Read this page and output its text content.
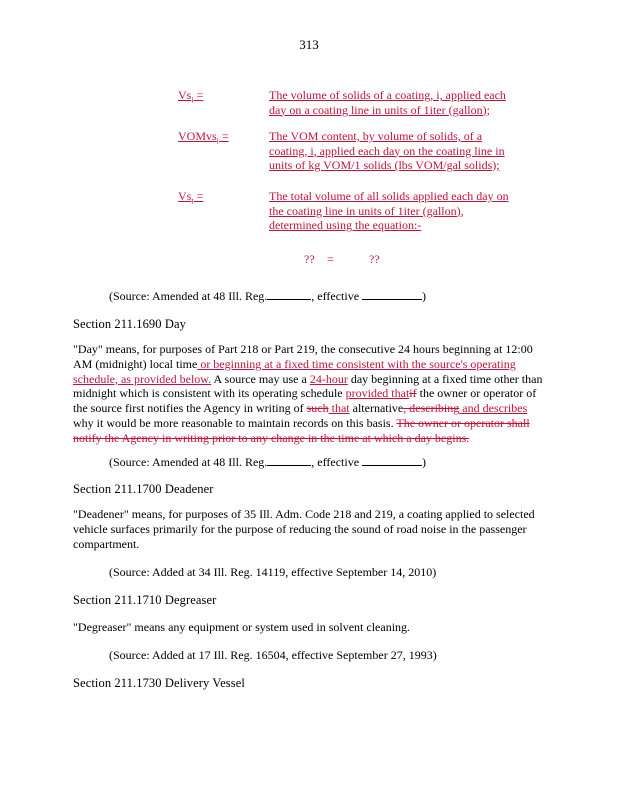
313
$Vs_i$ =	The volume of solids of a coating, i, applied each
day on a coating line in units of 1iter (gallon);
VOMvs$_i$ =	The VOM content, by volume of solids, of a
coating, i, applied each day on the coating line in
units of kg VOM/1 solids (lbs VOM/gal solids);
$Vs_t$ =	The total volume of all solids applied each day on
the coating line in units of 1iter (gallon),
determined using the equation:-
?? =	??
(Source: Amended at 48 Ill. Reg.	, effective	)
Section 211.1690 Day
"Day" means, for purposes of Part 218 or Part 219, the consecutive 24 hours beginning at 12:00 AM (midnight) local time or beginning at a fixed time consistent with the source's operating schedule, as provided below. A source may use a 24-hour day beginning at a fixed time other than midnight which is consistent with its operating schedule provided thatif the owner or operator of the source first notifies the Agency in writing of such that alternative, describing and describes why it would be more reasonable to maintain records on this basis. The owner or operator shall notify the Agency in writing prior to any change in the time at which a day begins.
(Source: Amended at 48 Ill. Reg.	, effective	)
Section 211.1700 Deadener
"Deadener" means, for purposes of 35 Ill. Adm. Code 218 and 219, a coating applied to selected vehicle surfaces primarily for the purpose of reducing the sound of road noise in the passenger compartment.
(Source: Added at 34 Ill. Reg. 14119, effective September 14, 2010)
Section 211.1710 Degreaser
"Degreaser" means any equipment or system used in solvent cleaning.
(Source: Added at 17 Ill. Reg. 16504, effective September 27, 1993)
Section 211.1730 Delivery Vessel
